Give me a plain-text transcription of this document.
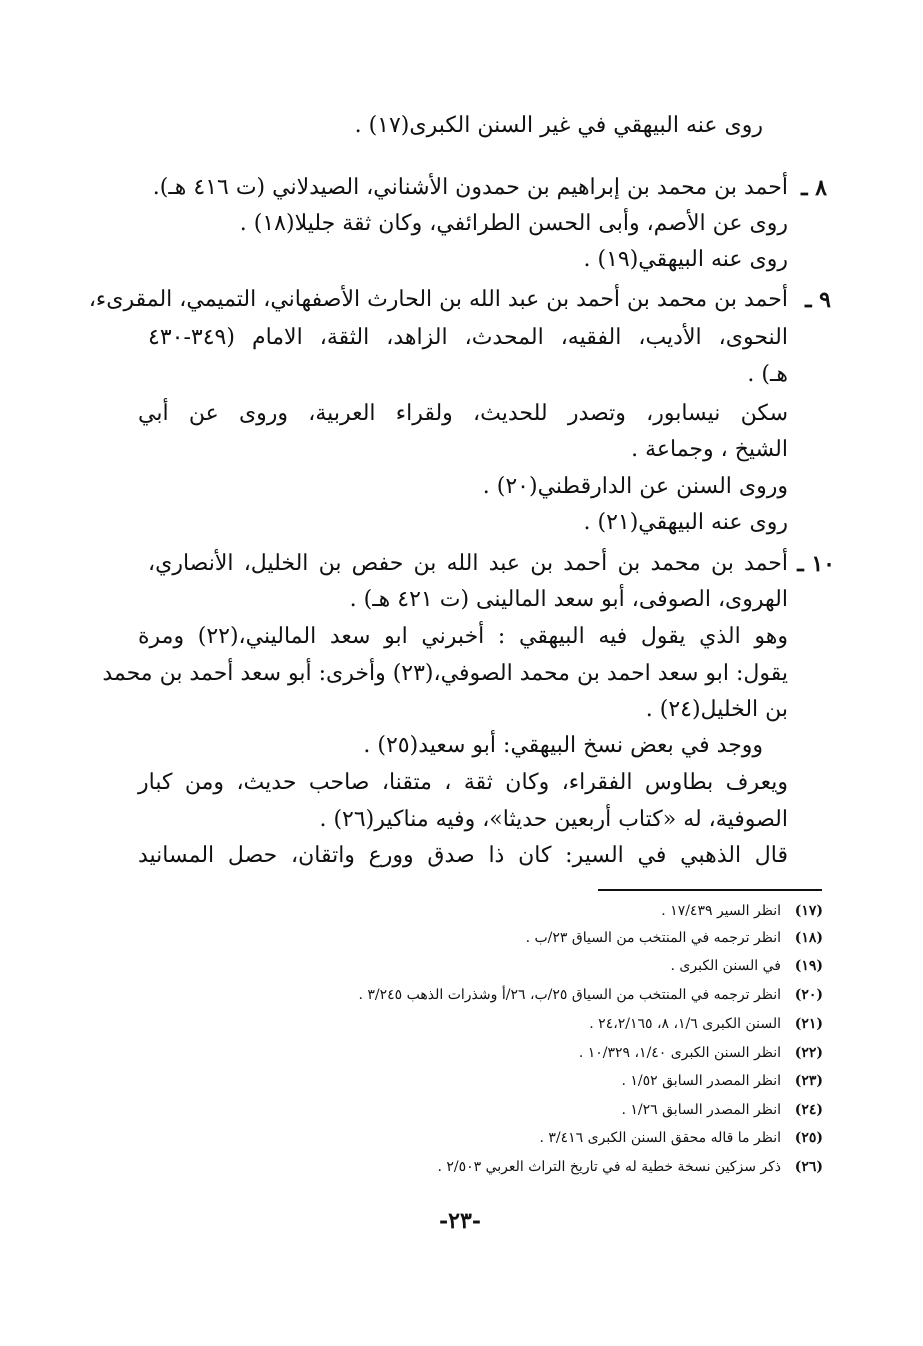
روى عنه البيهقي في غير السنن الكبرى(١٧) .
٨ ـ
أحمد بن محمد بن إبراهيم بن حمدون الأشناني، الصيدلاني (ت ٤١٦ هـ).
روى عن الأصم، وأبى الحسن الطرائفي، وكان ثقة جليلا(١٨) .
روى عنه البيهقي(١٩) .
٩ ـ
أحمد بن محمد بن أحمد بن عبد الله بن الحارث الأصفهاني، التميمي، المقرىء،
النحوى، الأديب، الفقيه، المحدث، الزاهد، الثقة، الامام (٣٤٩-٤٣٠
هـ) .
سكن نيسابور، وتصدر للحديث، ولقراء العربية، وروى عن أبي
الشيخ ، وجماعة .
وروى السنن عن الدارقطني(٢٠) .
روى عنه البيهقي(٢١) .
١٠ ـ
أحمد بن محمد بن أحمد بن عبد الله بن حفص بن الخليل، الأنصاري،
الهروى، الصوفى، أبو سعد المالينى (ت ٤٢١ هـ) .
وهو الذي يقول فيه البيهقي : أخبرني ابو سعد الماليني،(٢٢) ومرة
يقول: ابو سعد احمد بن محمد الصوفي،(٢٣) وأخرى: أبو سعد أحمد بن محمد
بن الخليل(٢٤) .
ووجد في بعض نسخ البيهقي: أبو سعيد(٢٥) .
ويعرف بطاوس الفقراء، وكان ثقة ، متقنا، صاحب حديث، ومن كبار
الصوفية، له «كتاب أربعين حديثا»، وفيه مناكير(٢٦) .
قال الذهبي في السير: كان ذا صدق وورع واتقان، حصل المسانيد
(١٧)انظر السير ١٧/٤٣٩ .
(١٨)انظر ترجمه في المنتخب من السياق ٢٣/ب .
(١٩)في السنن الكبرى .
(٢٠)انظر ترجمه في المنتخب من السياق ٢٥/ب، ٢٦/أ وشذرات الذهب ٣/٢٤٥ .
(٢١)السنن الكبرى ١/٦، ٨، ٢٤،٢/١٦٥ .
(٢٢)انظر السنن الكبرى ١/٤٠، ١٠/٣٢٩ .
(٢٣)انظر المصدر السابق ١/٥٢ .
(٢٤)انظر المصدر السابق ١/٢٦ .
(٢٥)انظر ما قاله محقق السنن الكبرى ٣/٤١٦ .
(٢٦)ذكر سزكين نسخة خطية له في تاريخ التراث العربي ٢/٥٠٣ .
-٢٣-
